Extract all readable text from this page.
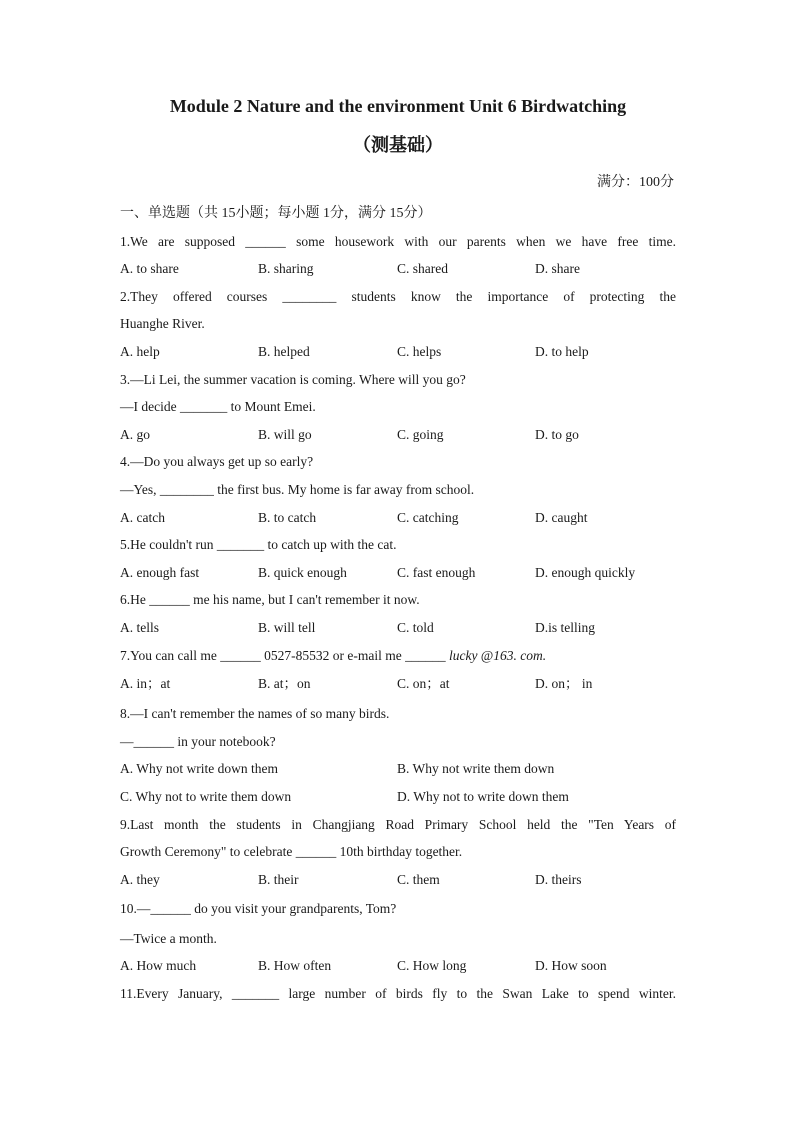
Module 2 Nature and the environment Unit 6 Birdwatching
（测基础）
满分：100分
一、单选题（共 15小题；每小题 1分，满分 15分）
1.We are supposed ______ some housework with our parents when we have free time.
A. to share	B. sharing	C. shared	D. share
2.They offered courses ________ students know the importance of protecting the
Huanghe River.
A. help	B. helped	C. helps	D. to help
3.—Li Lei, the summer vacation is coming. Where will you go?
—I decide _______ to Mount Emei.
A. go	B. will go	C. going	D. to go
4.—Do you always get up so early?
—Yes, ________ the first bus. My home is far away from school.
A. catch	B. to catch	C. catching	D. caught
5.He couldn't run _______ to catch up with the cat.
A. enough fast	B. quick enough	C. fast enough	D. enough quickly
6.He ______ me his name, but I can't remember it now.
A. tells	B. will tell	C. told	D.is telling
7.You can call me ______ 0527-85532 or e-mail me ______ lucky @163. com.
A. in；at	B. at；on	C. on；at	D. on； in
8.—I can't remember the names of so many birds.
—______ in your notebook?
A. Why not write down them	B. Why not write them down
C. Why not to write them down	D. Why not to write down them
9.Last month the students in Changjiang Road Primary School held the "Ten Years of
Growth Ceremony" to celebrate ______ 10th birthday together.
A. they	B. their	C. them	D. theirs
10.—______ do you visit your grandparents, Tom?
—Twice a month.
A. How much	B. How often	C. How long	D. How soon
11.Every January, _______ large number of birds fly to the Swan Lake to spend winter.
